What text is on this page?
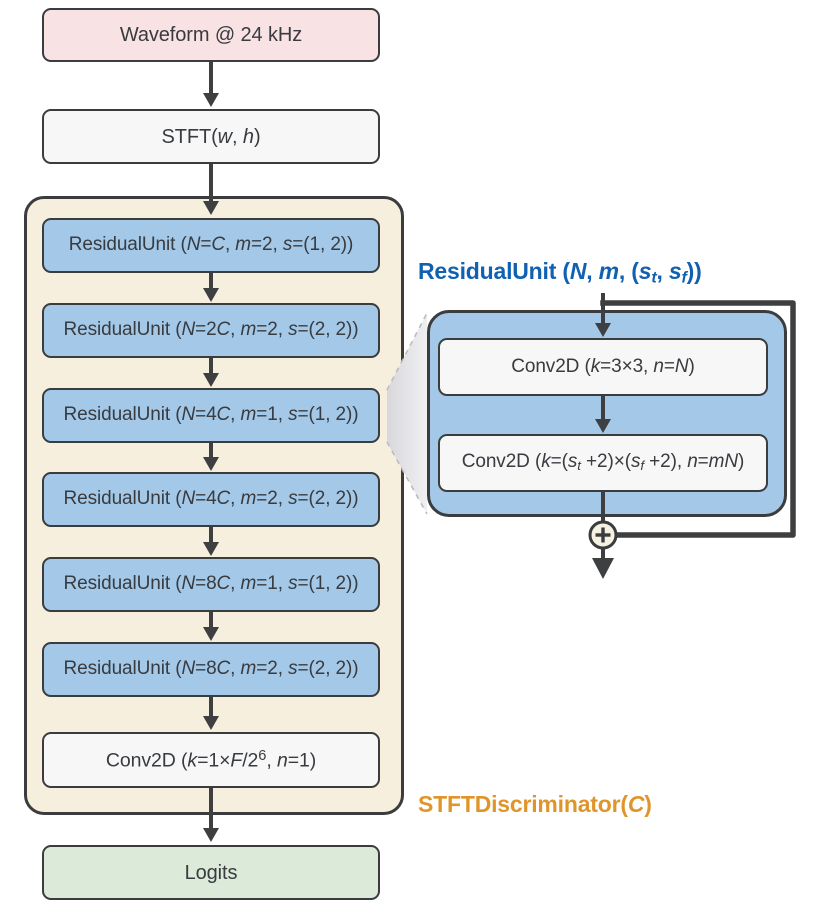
Waveform @ 24 kHz
STFT(w, h)
ResidualUnit (N=C, m=2, s=(1, 2))
ResidualUnit (N=2C, m=2, s=(2, 2))
ResidualUnit (N=4C, m=1, s=(1, 2))
ResidualUnit (N=4C, m=2, s=(2, 2))
ResidualUnit (N=8C, m=1, s=(1, 2))
ResidualUnit (N=8C, m=2, s=(2, 2))
Conv2D ($k=1\times F/2^6$, n=1)
Logits
ResidualUnit (N, m, (st, sf))
Conv2D (k=3×3, n=N)
Conv2D (k=(st +2)×(sf +2), n=mN)
STFTDiscriminator(C)
